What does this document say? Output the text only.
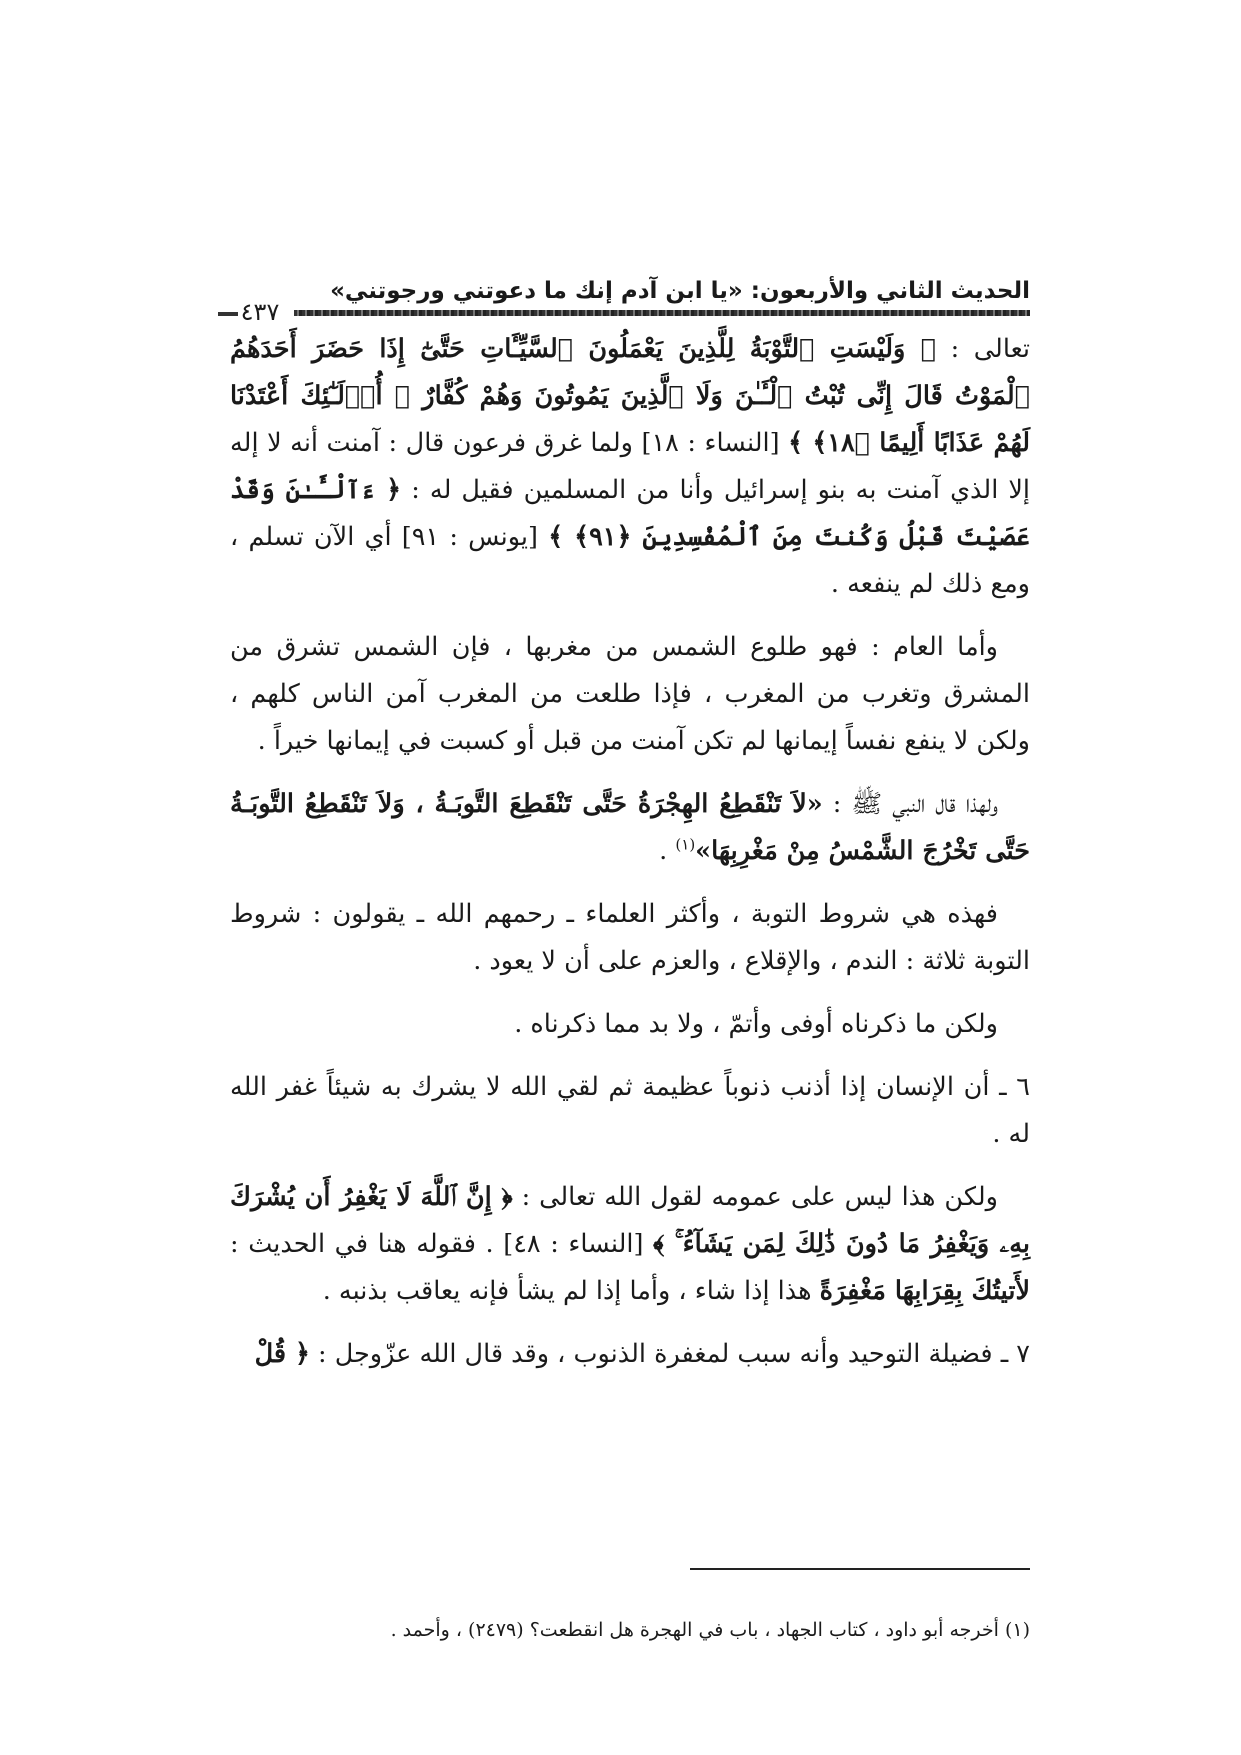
الحديث الثاني والأربعون: «يا ابن آدم إنك ما دعوتني ورجوتني»
٤٣٧

تعالى : ﴿ وَلَيْسَتِ ٱلتَّوْبَةُ لِلَّذِينَ يَعْمَلُونَ ٱلسَّيِّـَٔاتِ حَتَّىٰٓ إِذَا حَضَرَ أَحَدَهُمُ ٱلْمَوْتُ قَالَ إِنِّى تُبْتُ ٱلْـَٔـٰنَ وَلَا ٱلَّذِينَ يَمُوتُونَ وَهُمْ كُفَّارٌ ۚ أُو۟لَـٰٓئِكَ أَعْتَدْنَا لَهُمْ عَذَابًا أَلِيمًا ﴿١٨﴾ ﴾ [النساء : ١٨] ولما غرق فرعون قال : آمنت أنه لا إله إلا الذي آمنت به بنو إسرائيل وأنا من المسلمين فقيل له : ﴿ ءَآلْـَٔـٰنَ وَقَدْ عَصَيْتَ قَبْلُ وَكُنتَ مِنَ ٱلْمُفْسِدِينَ ﴿٩١﴾ ﴾ [يونس : ٩١] أي الآن تسلم ، ومع ذلك لم ينفعه .

وأما العام : فهو طلوع الشمس من مغربها ، فإن الشمس تشرق من المشرق وتغرب من المغرب ، فإذا طلعت من المغرب آمن الناس كلهم ، ولكن لا ينفع نفساً إيمانها لم تكن آمنت من قبل أو كسبت في إيمانها خيراً .

ولهذا قال النبي ﷺ : «لاَ تَنْقَطِعُ الهِجْرَةُ حَتَّى تَنْقَطِعَ التَّوبَـةُ ، وَلاَ تَنْقَطِعُ التَّوبَـةُ حَتَّى تَخْرُجَ الشَّمْسُ مِنْ مَغْرِبِهَا»$^{(١)}$ .

فهذه هي شروط التوبة ، وأكثر العلماء ـ رحمهم الله ـ يقولون : شروط التوبة ثلاثة : الندم ، والإقلاع ، والعزم على أن لا يعود .

ولكن ما ذكرناه أوفى وأتمّ ، ولا بد مما ذكرناه .

٦ ـ أن الإنسان إذا أذنب ذنوباً عظيمة ثم لقي الله لا يشرك به شيئاً غفر الله له .

ولكن هذا ليس على عمومه لقول الله تعالى : ﴿ إِنَّ ٱللَّهَ لَا يَغْفِرُ أَن يُشْرَكَ بِهِۦ وَيَغْفِرُ مَا دُونَ ذَٰلِكَ لِمَن يَشَآءُ ۚ ﴾ [النساء : ٤٨] . فقوله هنا في الحديث : لأَتيتُكَ بِقِرَابِهَا مَغْفِرَةً هذا إذا شاء ، وأما إذا لم يشأ فإنه يعاقب بذنبه .

٧ ـ فضيلة التوحيد وأنه سبب لمغفرة الذنوب ، وقد قال الله عزّوجل : ﴿ قُلْ

(١) أخرجه أبو داود ، كتاب الجهاد ، باب في الهجرة هل انقطعت؟ (٢٤٧٩) ، وأحمد .
